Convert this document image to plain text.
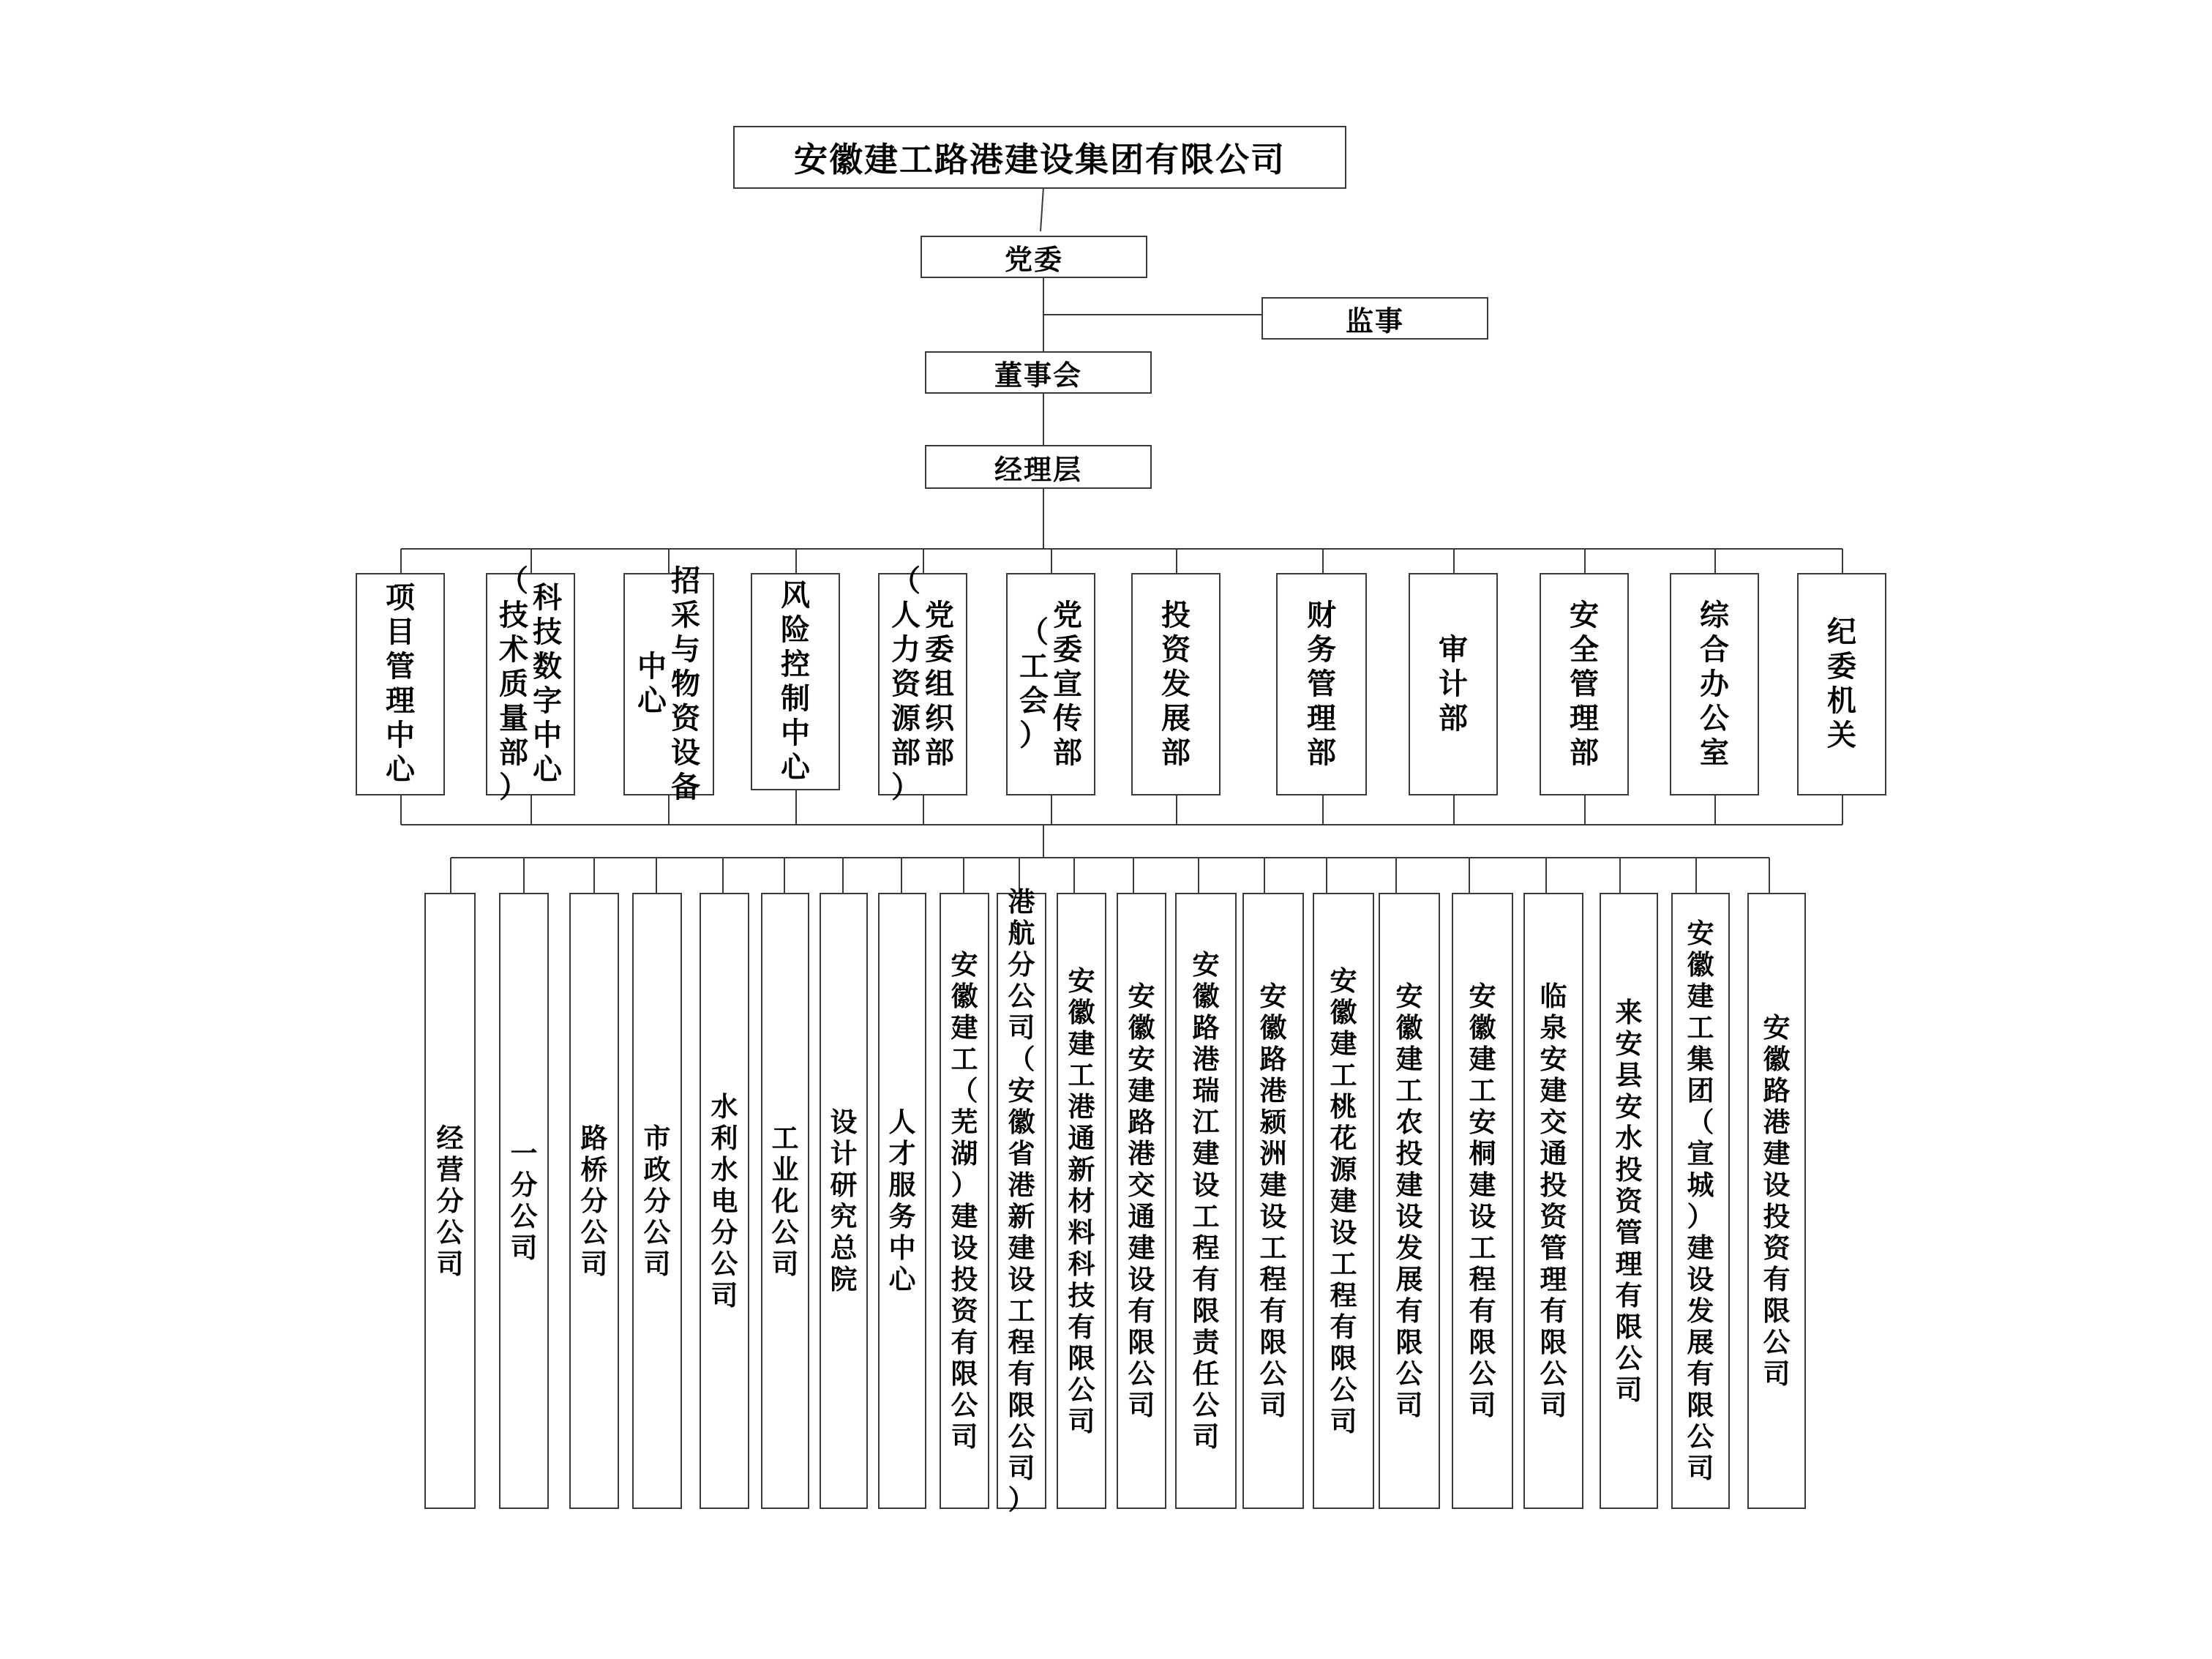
安徽建工路港建设集团有限公司
党委
监事
董事会
经理层
项
目
管
理
中
心
（
技
术
质
量
部
）
科
技
数
字
中
心
中
心
招
采
与
物
资
设
备
风
险
控
制
中
心
（
人
力
资
源
部
）
党
委
组
织
部
（
工
会
）
党
委
宣
传
部
投
资
发
展
部
财
务
管
理
部
审
计
部
安
全
管
理
部
综
合
办
公
室
纪
委
机
关
经
营
分
公
司
一
分
公
司
路
桥
分
公
司
市
政
分
公
司
水
利
水
电
分
公
司
工
业
化
公
司
设
计
研
究
总
院
人
才
服
务
中
心
安
徽
建
工
（
芜
湖
）
建
设
投
资
有
限
公
司
港
航
分
公
司
（
安
徽
省
港
新
建
设
工
程
有
限
公
司
）
安
徽
建
工
港
通
新
材
料
科
技
有
限
公
司
安
徽
安
建
路
港
交
通
建
设
有
限
公
司
安
徽
路
港
瑞
江
建
设
工
程
有
限
责
任
公
司
安
徽
路
港
颍
洲
建
设
工
程
有
限
公
司
安
徽
建
工
桃
花
源
建
设
工
程
有
限
公
司
安
徽
建
工
农
投
建
设
发
展
有
限
公
司
安
徽
建
工
安
桐
建
设
工
程
有
限
公
司
临
泉
安
建
交
通
投
资
管
理
有
限
公
司
来
安
县
安
水
投
资
管
理
有
限
公
司
安
徽
建
工
集
团
（
宣
城
）
建
设
发
展
有
限
公
司
安
徽
路
港
建
设
投
资
有
限
公
司
